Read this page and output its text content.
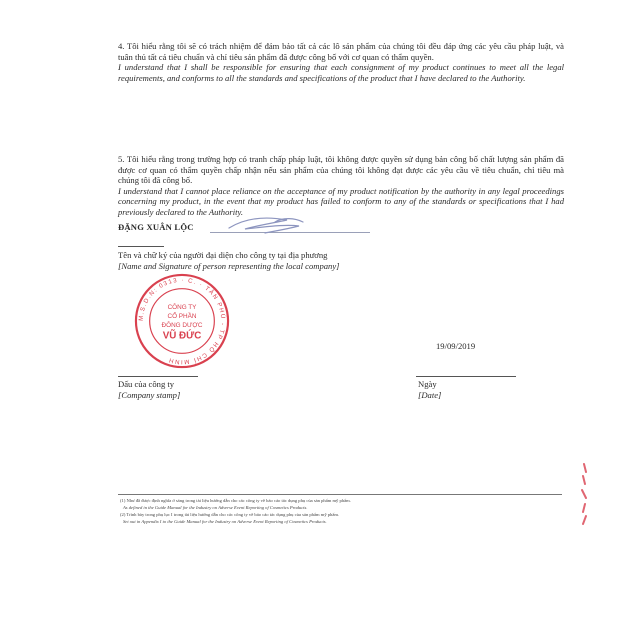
4. Tôi hiểu rằng tôi sẽ có trách nhiệm để đảm bảo tất cả các lô sản phẩm của chúng tôi đều đáp ứng các yêu cầu pháp luật, và tuân thủ tất cả tiêu chuẩn và chỉ tiêu sản phẩm đã được công bố với cơ quan có thẩm quyền.
I understand that I shall be responsible for ensuring that each consignment of my product continues to meet all the legal requirements, and conforms to all the standards and specifications of the product that I have declared to the Authority.
5. Tôi hiểu rằng trong trường hợp có tranh chấp pháp luật, tôi không được quyền sử dụng bản công bố chất lượng sản phẩm đã được cơ quan có thẩm quyền chấp nhận nếu sản phẩm của chúng tôi không đạt được các yêu cầu về tiêu chuẩn, chỉ tiêu mà chúng tôi đã công bố.
I understand that I cannot place reliance on the acceptance of my product notification by the authority in any legal proceedings concerning my product, in the event that my product has failed to conform to any of the standards or specifications that I had previously declared to the Authority.
ĐẶNG XUÂN LỘC
Tên và chữ ký của người đại diện cho công ty tại địa phương
[Name and Signature of person representing the local company]
M.S.D.N: 0313 · C. · TÂN PHÚ - TP HỒ CHÍ MINH
CÔNG TY
CỔ PHẦN
ĐÔNG DƯỢC
VŨ ĐỨC
19/09/2019
Dấu của công ty
[Company stamp]
Ngày
[Date]
(1) Như đã được định nghĩa ở sáng trong tài liệu hướng dẫn cho các công ty về báo cáo tác dụng phụ của sản phẩm mỹ phẩm.
As defined in the Guide Manual for the Industry on Adverse Event Reporting of Cosmetics Products.
(2) Trình bày trong phụ lục I trong tài liệu hướng dẫn cho các công ty về báo cáo tác dụng phụ của sản phẩm mỹ phẩm.
Set out in Appendix I to the Guide Manual for the Industry on Adverse Event Reporting of Cosmetics Products.
